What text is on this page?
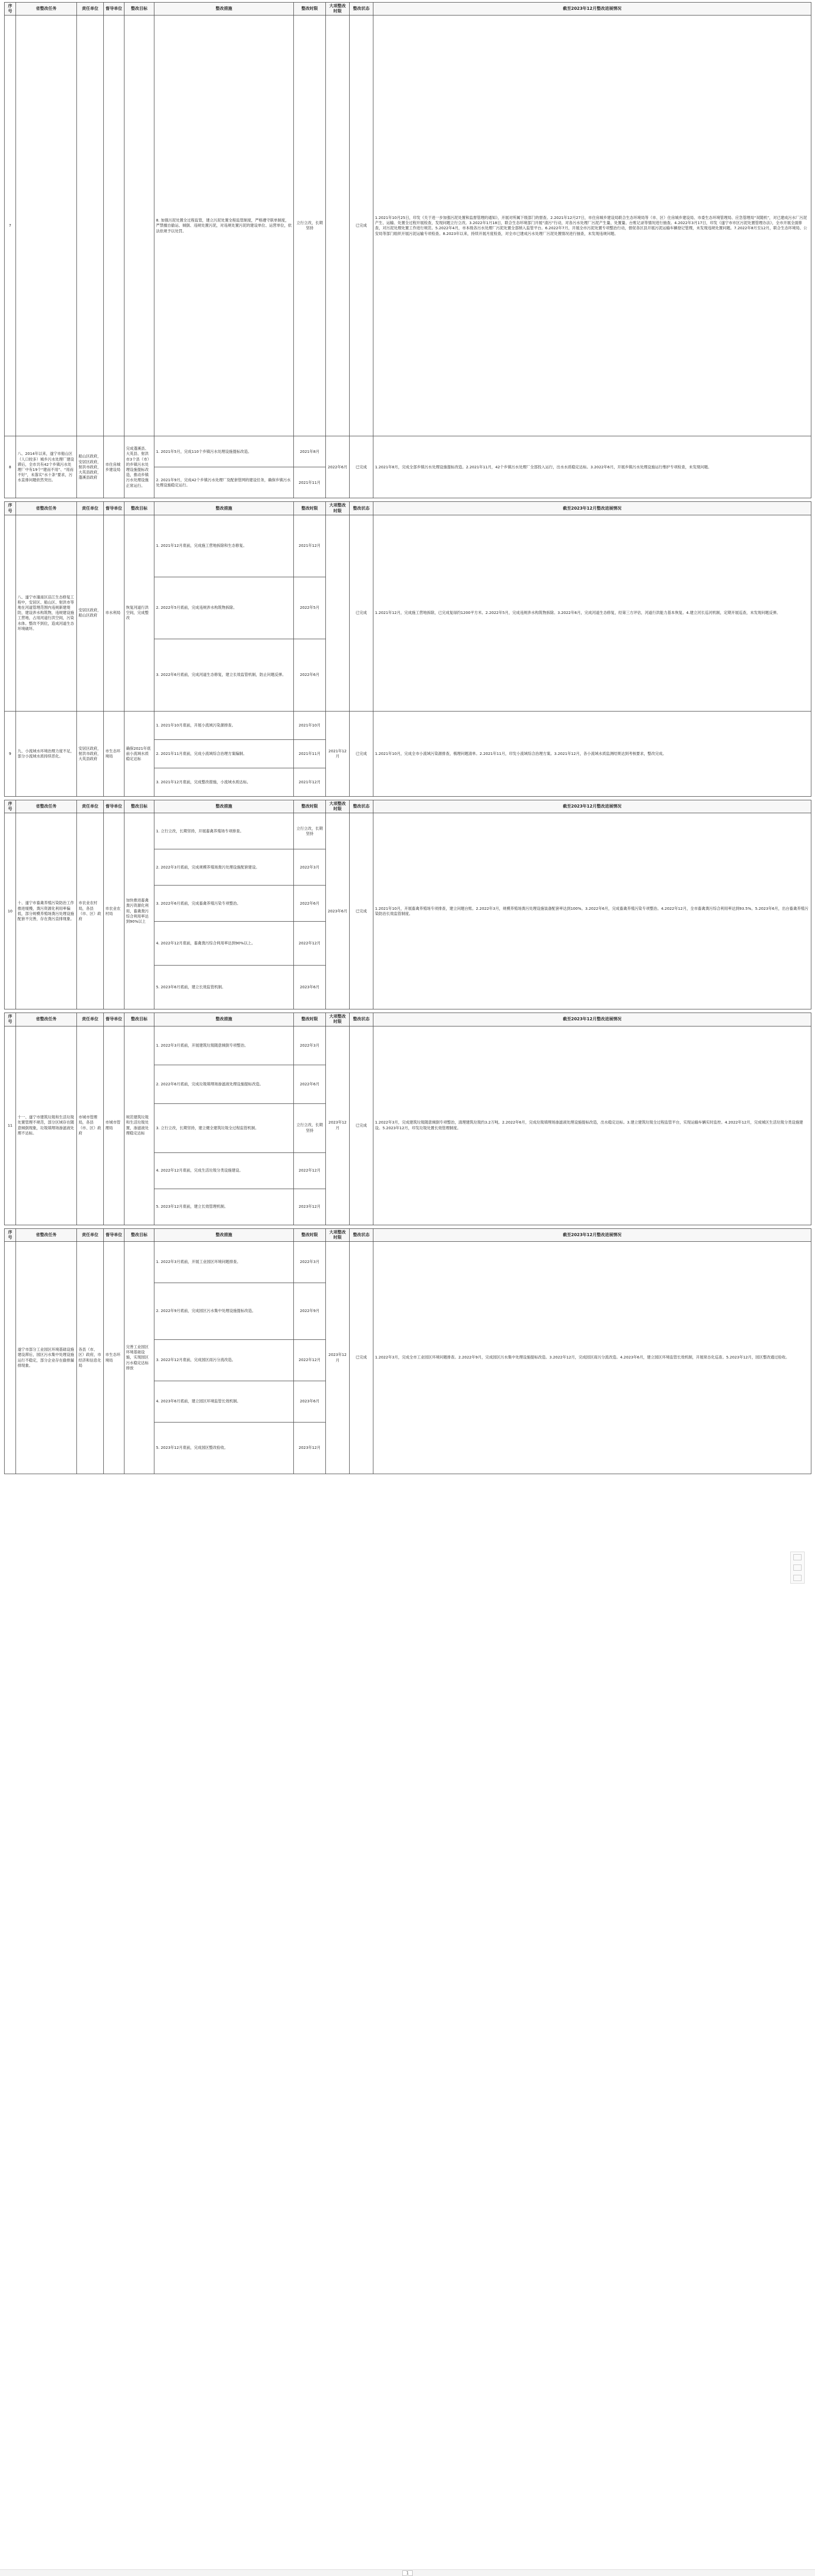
序号	省整改任务	责任单位	督导单位	整改目标	整改措施	整改时限	大项整改时限	整改状态	截至2023年12月整改进展情况
7					8. 加强污泥处置全过程监管，建立污泥处置全程监管制度，严格遵守联单制度，严禁擅自偷运、倾倒、违规处置污泥，对违规处置污泥的建设单位、运营单位，依法依规予以处罚。	立行立改，长期坚持		已完成	1.2021年10月25日，印发《关于进一步加强污泥处置和监督管理的通知》，开展对所属下级部门的督查。2.2021年12月27日，市住房城乡建设局联合生态环境局等（市、区）住房城乡建设局、市委生态环境管理局、应急管理局“双随机”，对已建成污水厂污泥产生、运输、处置全过程开展检查，发现问题立行立改。3.2022年1月18日，联合生态环境部门开展“清污”行动，对各污水处理厂污泥产生量、处置量、台账记录等情况进行抽查。4.2022年3月17日，印发《遂宁市市区污泥处置管理办法》，全市开展全面排查，对污泥处理处置工作进行规范。5.2022年4月，市本级各污水处理厂污泥处置全部纳入监管平台。6.2022年7月，开展全市污泥处置专项整治行动，督促各区县开展污泥运输车辆登记管理，未发现违规处置问题。7.2022年8月至12月，联合生态环境局、公安局等部门组织开展污泥运输专项检查。8.2023年以来，持续开展月度检查，对全市已建成污水处理厂污泥处置情况进行抽查，未发现违规问题。
8	八、2014年以来，遂宁市船山区（人口较多）城乡污水处理厂建设滞后，全市共有42个乡镇污水处理厂中有19个“建而不用”、“用而不好”，未落实“水十条”要求，污水直排问题依然突出。	船山区政府，安居区政府，射洪市政府，大英县政府，蓬溪县政府	市住房城乡建设局	完成蓬溪县、大英县、射洪市3个县（市）的乡镇污水处理设施提标改造，推动乡镇污水处理设施正常运行。	1. 2021年5月，完成110个乡镇污水处理设施提标改造。	2021年8月	2022年6月	已完成	1.2021年8月，完成全部乡镇污水处理设施提标改造。2.2021年11月，42个乡镇污水处理厂全部投入运行，出水水质稳定达标。3.2022年6月，开展乡镇污水处理设施运行维护专项检查，未发现问题。
					2. 2021年9月，完成42个乡镇污水处理厂及配套管网的建设任务，确保乡镇污水处理设施稳定运行。	2021年11月			
序号	省整改任务	责任单位	督导单位	整改目标	整改措施	整改时限	大项整改时限	整改状态	截至2023年12月整改进展情况
	八、遂宁市潼南区涪江生态修复工程中，安居区、船山区、射洪市等地在河道管理范围内违规新建堤防，建设涉水构筑物，违规建设施工营地，占用河道行洪空间，污染水体。整改不到位，造成河道生态环境破坏。	安居区政府，船山区政府	市水利局	恢复河道行洪空间，完成整改	1. 2021年12月底前，完成施工营地拆除和生态修复。	2021年12月		已完成	1.2021年12月，完成施工营地拆除，已完成复绿约1200平方米。2.2022年5月，完成违规涉水构筑物拆除。3.2022年6月，完成河道生态修复，经第三方评估，河道行洪能力基本恢复。4.建立河长巡河机制，定期开展巡查，未发现问题反弹。
					2. 2022年5月底前，完成违规涉水构筑物拆除。	2022年5月			
					3. 2022年6月底前，完成河道生态修复，建立长效监管机制，防止问题反弹。	2022年6月			
9	九、小流域水环境治理力度不足，部分小流域水质持续恶化。	安居区政府，射洪市政府，大英县政府	市生态环境局	确保2021年底前小流域水质稳定达标	1. 2021年10月底前，开展小流域污染源排查。	2021年10月	2021年12月	已完成	1.2021年10月，完成全市小流域污染源排查，梳理问题清单。2.2021年11月，印发小流域综合治理方案。3.2021年12月，各小流域水质监测结果达到考核要求，整改完成。
					2. 2021年11月底前，完成小流域综合治理方案编制。	2021年11月			
					3. 2021年12月底前，完成整改措施，小流域水质达标。	2021年12月			
序号	省整改任务	责任单位	督导单位	整改目标	整改措施	整改时限	大项整改时限	整改状态	截至2023年12月整改进展情况
10	十、遂宁市畜禽养殖污染防治工作推进缓慢，粪污资源化利用率偏低，部分规模养殖场粪污处理设施配套不完善，存在粪污直排现象。	市农业农村局，各县（市、区）政府	市农业农村局	加快推进畜禽粪污资源化利用，畜禽粪污综合利用率达到90%以上	1. 立行立改，长期坚持，开展畜禽养殖场专项排查。	立行立改，长期坚持	2023年6月	已完成	1.2021年10月，开展畜禽养殖场专项排查，建立问题台账。2.2022年3月，规模养殖场粪污处理设施装备配套率达到100%。3.2022年6月，完成畜禽养殖污染专项整治。4.2022年12月，全市畜禽粪污综合利用率达到93.5%。5.2023年6月，出台畜禽养殖污染防治长效监管制度。
					2. 2022年3月底前，完成规模养殖场粪污处理设施配套建设。	2022年3月			
					3. 2022年6月底前，完成畜禽养殖污染专项整治。	2022年6月			
					4. 2022年12月底前，畜禽粪污综合利用率达到90%以上。	2022年12月			
					5. 2023年6月底前，建立长效监管机制。	2023年6月			
序号	省整改任务	责任单位	督导单位	整改目标	整改措施	整改时限	大项整改时限	整改状态	截至2023年12月整改进展情况
11	十一、遂宁市建筑垃圾和生活垃圾处置管理不规范，部分区域存在随意倾倒现象，垃圾填埋场渗滤液处理不达标。	市城市管理局，各县（市、区）政府	市城市管理局	规范建筑垃圾和生活垃圾处置，渗滤液处理稳定达标	1. 2022年3月底前，开展建筑垃圾随意倾倒专项整治。	2022年3月	2023年12月	已完成	1.2022年3月，完成建筑垃圾随意倾倒专项整治，清理建筑垃圾约3.2万吨。2.2022年6月，完成垃圾填埋场渗滤液处理设施提标改造，出水稳定达标。3.建立建筑垃圾全过程监管平台，实现运输车辆实时监控。4.2022年12月，完成城区生活垃圾分类设施建设。5.2023年12月，印发垃圾处置长效管理制度。
					2. 2022年6月底前，完成垃圾填埋场渗滤液处理设施提标改造。	2022年6月			
					3. 立行立改，长期坚持，建立健全建筑垃圾全过程监管机制。	立行立改，长期坚持			
					4. 2022年12月底前，完成生活垃圾分类设施建设。	2022年12月			
					5. 2023年12月底前，建立长效管理机制。	2023年12月			
序号	省整改任务	责任单位	督导单位	整改目标	整改措施	整改时限	大项整改时限	整改状态	截至2023年12月整改进展情况
	遂宁市部分工业园区环境基础设施建设滞后，园区污水集中处理设施运行不稳定，部分企业存在偷排漏排现象。	各县（市、区）政府，市经济和信息化局	市生态环境局	完善工业园区环境基础设施，实现园区污水稳定达标排放	1. 2022年3月底前，开展工业园区环境问题排查。	2022年3月	2023年12月	已完成	1.2022年3月，完成全市工业园区环境问题排查。2.2022年9月，完成园区污水集中处理设施提标改造。3.2022年12月，完成园区雨污分流改造。4.2023年6月，建立园区环境监管长效机制，开展常态化巡查。5.2023年12月，园区整改通过验收。
					2. 2022年9月底前，完成园区污水集中处理设施提标改造。	2022年9月			
					3. 2022年12月底前，完成园区雨污分流改造。	2022年12月			
					4. 2023年6月底前，建立园区环境监管长效机制。	2023年6月			
					5. 2023年12月底前，完成园区整改验收。	2023年12月			
1
